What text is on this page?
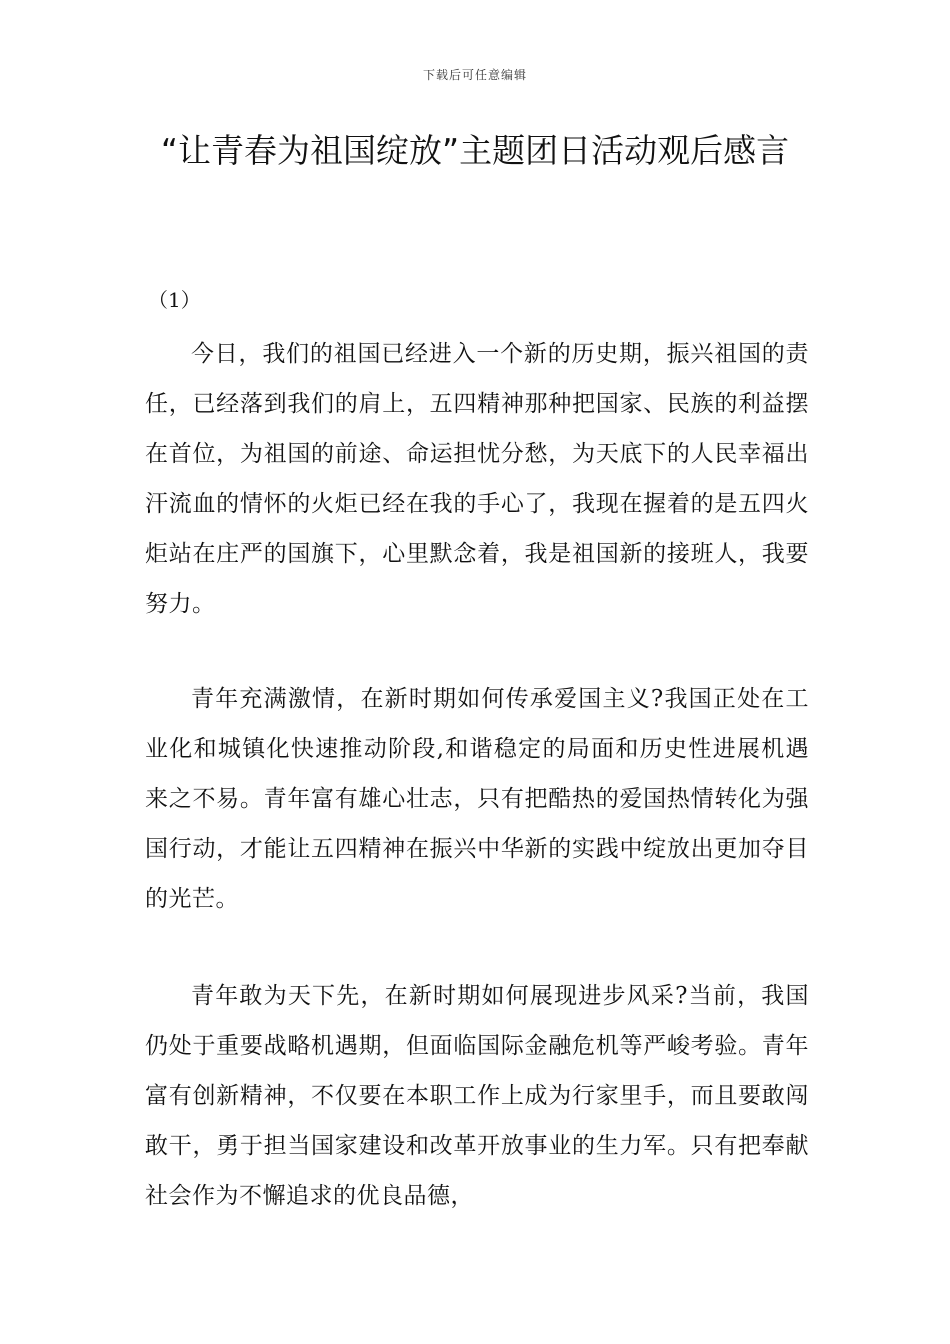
下载后可任意编辑
“让青春为祖国绽放”主题团日活动观后感言
（1）

今日，我们的祖国已经进入一个新的历史期，振兴祖国的责任，已经落到我们的肩上，五四精神那种把国家、民族的利益摆在首位，为祖国的前途、命运担忧分愁，为天底下的人民幸福出汗流血的情怀的火炬已经在我的手心了，我现在握着的是五四火炬站在庄严的国旗下，心里默念着，我是祖国新的接班人，我要努力。

青年充满激情，在新时期如何传承爱国主义?我国正处在工业化和城镇化快速推动阶段,和谐稳定的局面和历史性进展机遇来之不易。青年富有雄心壮志，只有把酷热的爱国热情转化为强国行动，才能让五四精神在振兴中华新的实践中绽放出更加夺目的光芒。

青年敢为天下先，在新时期如何展现进步风采?当前，我国仍处于重要战略机遇期，但面临国际金融危机等严峻考验。青年富有创新精神，不仅要在本职工作上成为行家里手，而且要敢闯敢干，勇于担当国家建设和改革开放事业的生力军。只有把奉献社会作为不懈追求的优良品德，
